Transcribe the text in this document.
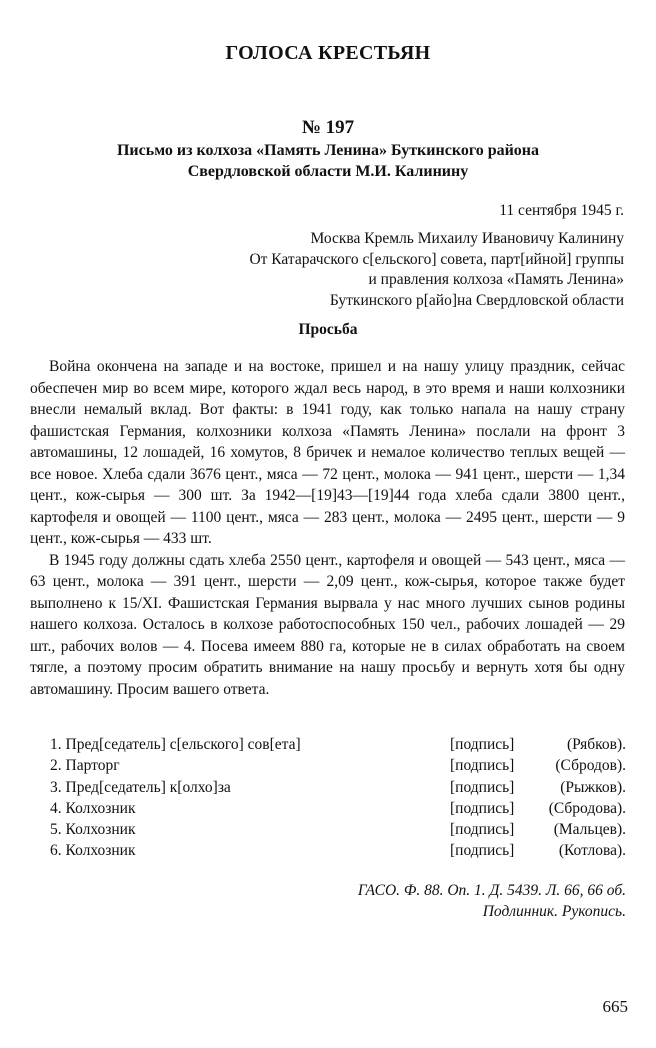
ГОЛОСА КРЕСТЬЯН
№ 197
Письмо из колхоза «Память Ленина» Буткинского района
Свердловской области М.И. Калинину
11 сентября 1945 г.
Москва Кремль Михаилу Ивановичу Калинину
От Катарачского с[ельского] совета, парт[ийной] группы
и правления колхоза «Память Ленина»
Буткинского р[айо]на Свердловской области
Просьба

Война окончена на западе и на востоке, пришел и на нашу улицу праздник, сейчас обеспечен мир во всем мире, которого ждал весь народ, в это время и наши колхозники внесли немалый вклад. Вот факты: в 1941 году, как только напала на нашу страну фашистская Германия, колхозники колхоза «Память Ленина» послали на фронт 3 автомашины, 12 лошадей, 16 хомутов, 8 бричек и немалое количество теплых вещей — все новое. Хлеба сдали 3676 цент., мяса — 72 цент., молока — 941 цент., шерсти — 1,34 цент., кож-сырья — 300 шт. За 1942—[19]43—[19]44 года хлеба сдали 3800 цент., картофеля и овощей — 1100 цент., мяса — 283 цент., молока — 2495 цент., шерсти — 9 цент., кож-сырья — 433 шт.

В 1945 году должны сдать хлеба 2550 цент., картофеля и овощей — 543 цент., мяса — 63 цент., молока — 391 цент., шерсти — 2,09 цент., кож-сырья, которое также будет выполнено к 15/XI. Фашистская Германия вырвала у нас много лучших сынов родины нашего колхоза. Осталось в колхозе работоспособных 150 чел., рабочих лошадей — 29 шт., рабочих волов — 4. Посева имеем 880 га, которые не в силах обработать на своем тягле, а поэтому просим обратить внимание на нашу просьбу и вернуть хотя бы одну автомашину. Просим вашего ответа.

1. Пред[седатель] с[ельского] сов[ета]	[подпись]	(Рябков).
2. Парторг	[подпись]	(Сбродов).
3. Пред[седатель] к[олхо]за	[подпись]	(Рыжков).
4. Колхозник	[подпись] (Сбродова).
5. Колхозник	[подпись]	(Мальцев).
6. Колхозник	[подпись]	(Котлова).
ГАСО. Ф. 88. Оп. 1. Д. 5439. Л. 66, 66 об.
Подлинник. Рукопись.
665
